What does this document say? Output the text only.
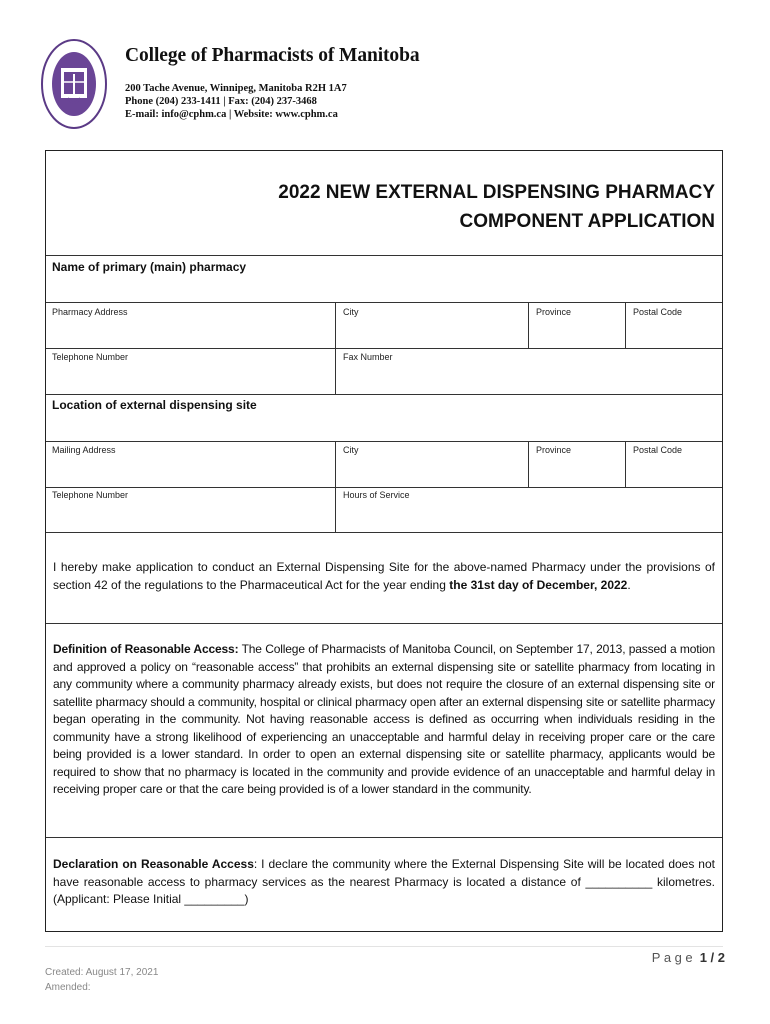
College of Pharmacists of Manitoba
200 Tache Avenue, Winnipeg, Manitoba R2H 1A7
Phone (204) 233-1411 | Fax: (204) 237-3468
E-mail: info@cphm.ca | Website: www.cphm.ca
2022 NEW EXTERNAL DISPENSING PHARMACY
COMPONENT APPLICATION
Name of primary (main) pharmacy
Pharmacy Address	City	Province	Postal Code
Telephone Number	Fax Number
Location of external dispensing site
Mailing Address	City	Province	Postal Code
Telephone Number	Hours of Service
I hereby make application to conduct an External Dispensing Site for the above-named Pharmacy under the provisions of section 42 of the regulations to the Pharmaceutical Act for the year ending the 31st day of December, 2022.
Definition of Reasonable Access: The College of Pharmacists of Manitoba Council, on September 17, 2013, passed a motion and approved a policy on “reasonable access” that prohibits an external dispensing site or satellite pharmacy from locating in any community where a community pharmacy already exists, but does not require the closure of an external dispensing site or satellite pharmacy should a community, hospital or clinical pharmacy open after an external dispensing site or satellite pharmacy began operating in the community. Not having reasonable access is defined as occurring when individuals residing in the community have a strong likelihood of experiencing an unacceptable and harmful delay in receiving proper care or the care being provided is a lower standard. In order to open an external dispensing site or satellite pharmacy, applicants would be required to show that no pharmacy is located in the community and provide evidence of an unacceptable and harmful delay in receiving proper care or that the care being provided is of a lower standard in the community.
Declaration on Reasonable Access: I declare the community where the External Dispensing Site will be located does not have reasonable access to pharmacy services as the nearest Pharmacy is located a distance of __________ kilometres. (Applicant: Please Initial _________)
Page 1 / 2
Created: August 17, 2021
Amended:
